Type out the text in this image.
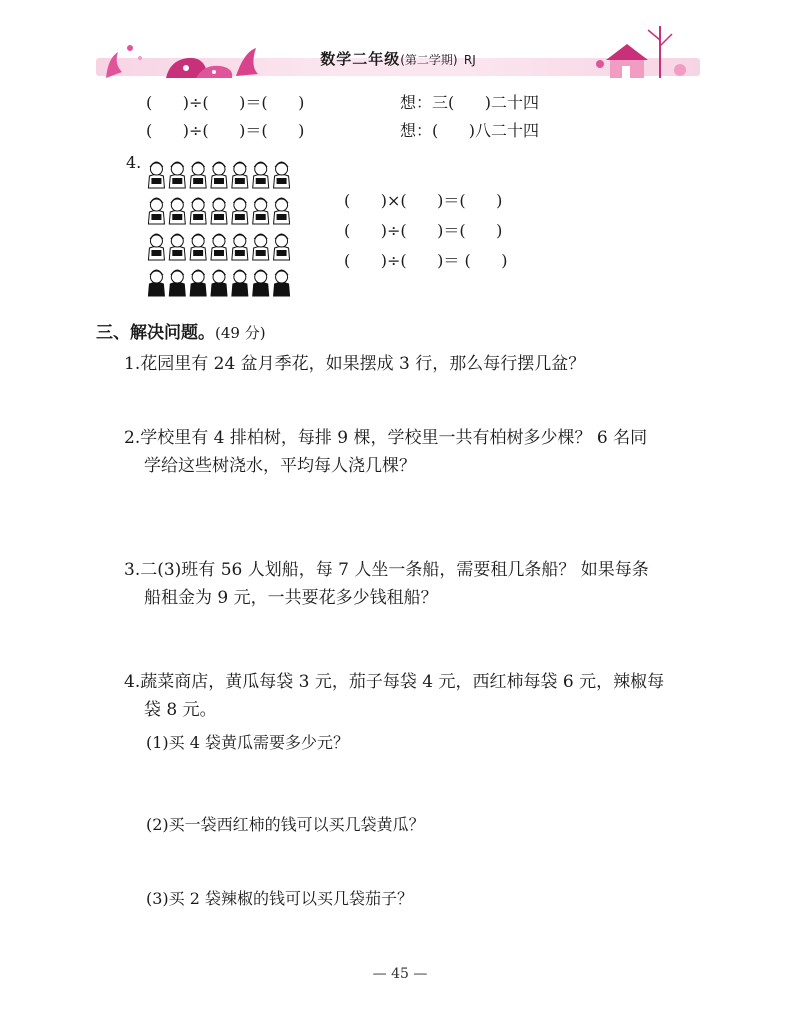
数学二年级(第二学期) RJ
(      )÷(      )＝(      )	想：三(      )二十四
(      )÷(      )＝(      )	想：(      )八二十四
4.
(      )×(      )＝(      )
(      )÷(      )＝(      )
(      )÷(      )＝ (      )
三、解决问题。(49 分)
1.花园里有 24 盆月季花，如果摆成 3 行，那么每行摆几盆？
2.学校里有 4 排柏树，每排 9 棵，学校里一共有柏树多少棵？ 6 名同
学给这些树浇水，平均每人浇几棵？
3.二(3)班有 56 人划船，每 7 人坐一条船，需要租几条船？ 如果每条
船租金为 9 元，一共要花多少钱租船？
4.蔬菜商店，黄瓜每袋 3 元，茄子每袋 4 元，西红柿每袋 6 元，辣椒每
袋 8 元。
(1)买 4 袋黄瓜需要多少元？
(2)买一袋西红柿的钱可以买几袋黄瓜？
(3)买 2 袋辣椒的钱可以买几袋茄子？
— 45 —
